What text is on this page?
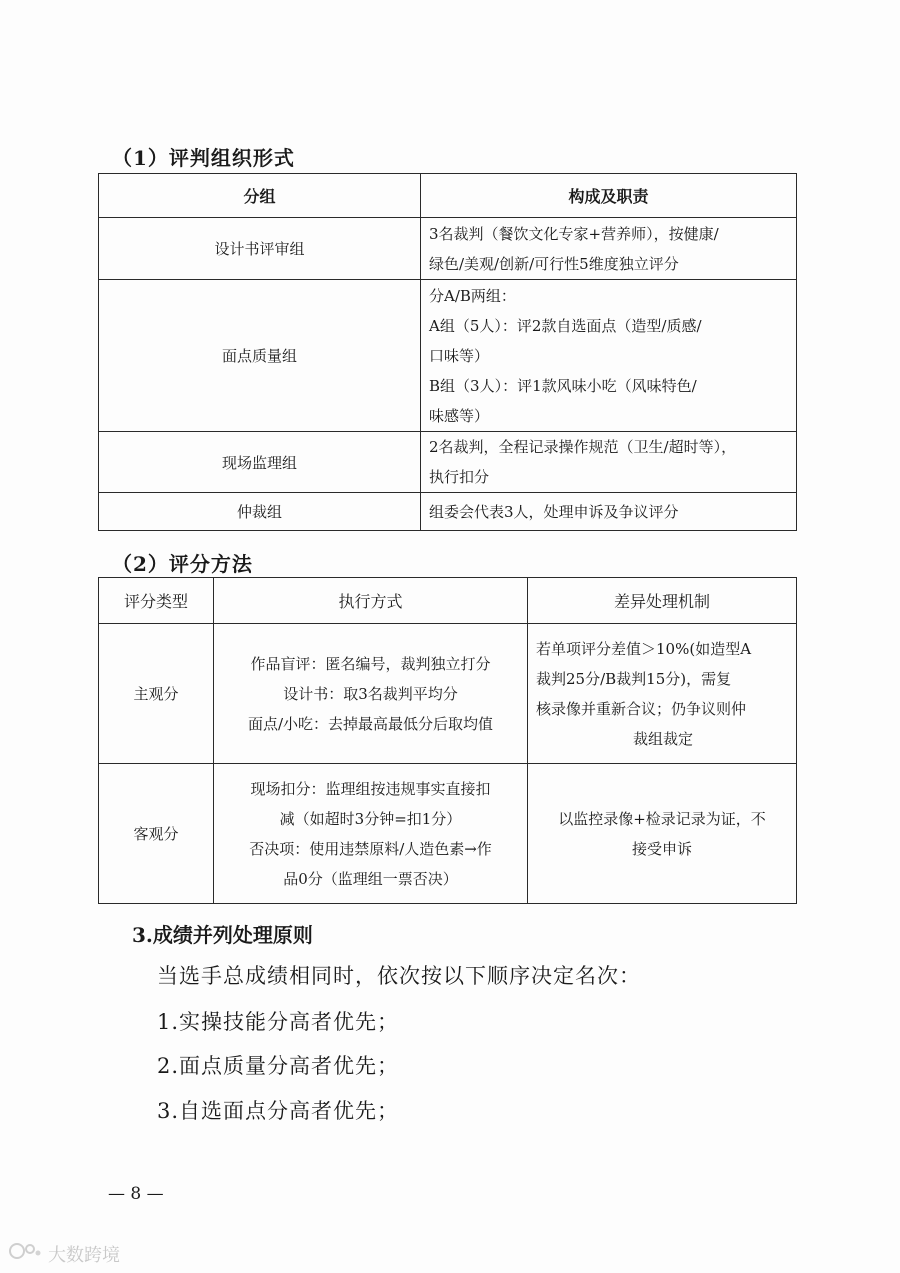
（1）评判组织形式
分组	构成及职责
设计书评审组	3名裁判（餐饮文化专家+营养师），按健康/
绿色/美观/创新/可行性5维度独立评分

面点质量组	分A/B两组：
A组（5人）：评2款自选面点（造型/质感/
口味等）
B组（3人）：评1款风味小吃（风味特色/
味感等）

现场监理组	2名裁判，全程记录操作规范（卫生/超时等），
执行扣分

仲裁组	组委会代表3人，处理申诉及争议评分
（2）评分方法
评分类型	执行方式	差异处理机制
主观分	作品盲评：匿名编号，裁判独立打分
设计书：取3名裁判平均分
面点/小吃：去掉最高最低分后取均值	若单项评分差值＞10%(如造型A
裁判25分/B裁判15分)，需复
核录像并重新合议；仍争议则仲
裁组裁定

客观分	现场扣分：监理组按违规事实直接扣
减（如超时3分钟=扣1分）
否决项：使用违禁原料/人造色素→作
品0分（监理组一票否决）	以监控录像+检录记录为证，不
接受申诉
3.成绩并列处理原则
当选手总成绩相同时，依次按以下顺序决定名次：
1.实操技能分高者优先；
2.面点质量分高者优先；
3.自选面点分高者优先；
— 8 —
大数跨境
